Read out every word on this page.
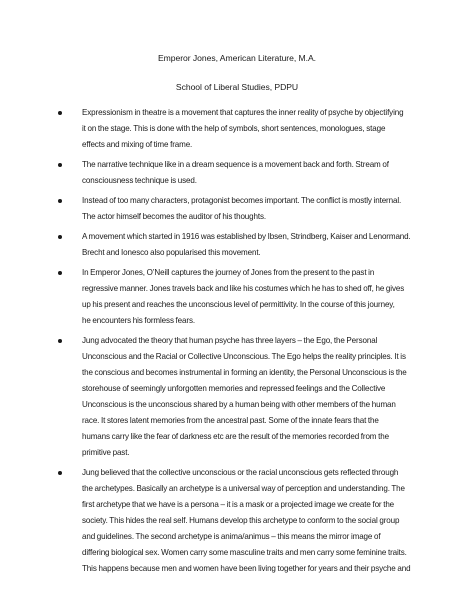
Emperor Jones, American Literature, M.A.
School of Liberal Studies, PDPU
Expressionism in theatre is a movement that captures the inner reality of psyche by objectifying
it on the stage. This is done with the help of symbols, short sentences, monologues, stage
effects and mixing of time frame.
The narrative technique like in a dream sequence is a movement back and forth. Stream of
consciousness technique is used.
Instead of too many characters, protagonist becomes important. The conflict is mostly internal.
The actor himself becomes the auditor of his thoughts.
A movement which started in 1916 was established by Ibsen, Strindberg, Kaiser and Lenormand.
Brecht and Ionesco also popularised this movement.
In Emperor Jones, O’Neill captures the journey of Jones from the present to the past in
regressive manner. Jones travels back and like his costumes which he has to shed off, he gives
up his present and reaches the unconscious level of permittivity. In the course of this journey,
he encounters his formless fears.
Jung advocated the theory that human psyche has three layers – the Ego, the Personal
Unconscious and the Racial or Collective Unconscious. The Ego helps the reality principles. It is
the conscious and becomes instrumental in forming an identity, the Personal Unconscious is the
storehouse of seemingly unforgotten memories and repressed feelings and the Collective
Unconscious is the unconscious shared by a human being with other members of the human
race. It stores latent memories from the ancestral past. Some of the innate fears that the
humans carry like the fear of darkness etc are the result of the memories recorded from the
primitive past.
Jung believed that the collective unconscious or the racial unconscious gets reflected through
the archetypes. Basically an archetype is a universal way of perception and understanding. The
first archetype that we have is a persona – it is a mask or a projected image we create for the
society. This hides the real self. Humans develop this archetype to conform to the social group
and guidelines. The second archetype is anima/animus – this means the mirror image of
differing biological sex. Women carry some masculine traits and men carry some feminine traits.
This happens because men and women have been living together for years and their psyche and
